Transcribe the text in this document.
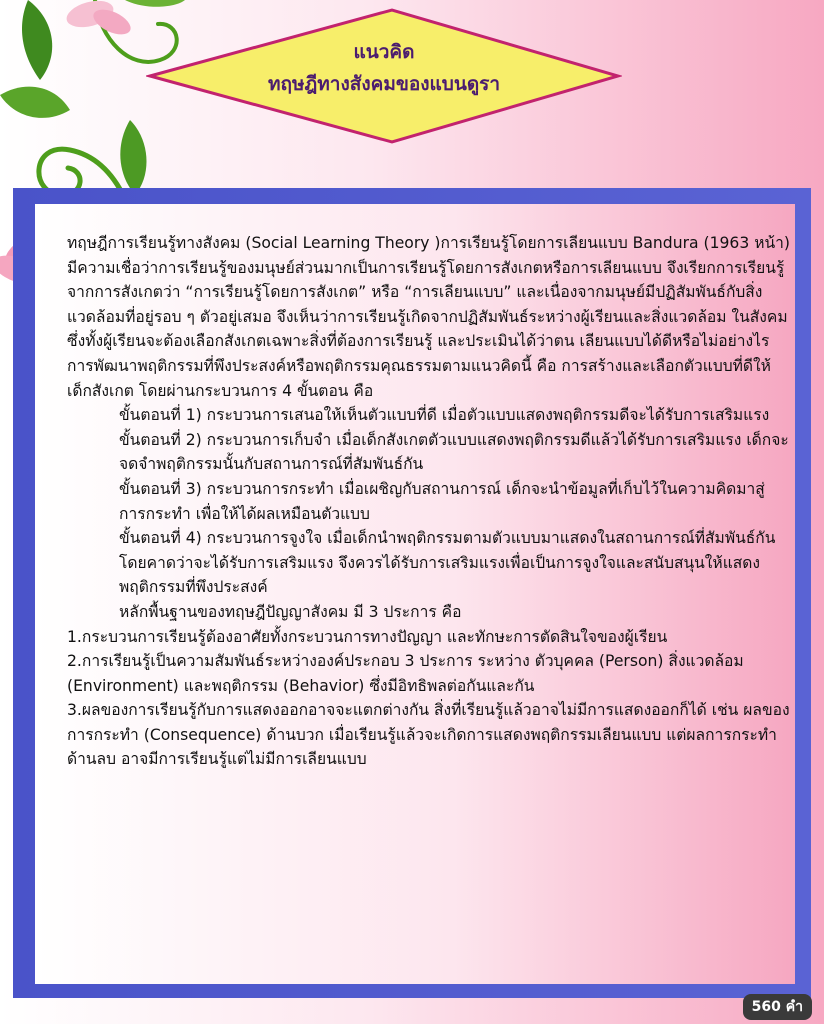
แนวคิด
ทฤษฎีทางสังคมของแบนดูรา

ทฤษฎีการเรียนรู้ทางสังคม (Social Learning Theory )การเรียนรู้โดยการเลียนแบบ Bandura (1963 หน้า) มีความเชื่อว่าการเรียนรู้ของมนุษย์ส่วนมากเป็นการเรียนรู้โดยการสังเกตหรือการเลียนแบบ จึงเรียกการเรียนรู้จากการสังเกตว่า “การเรียนรู้โดยการสังเกต” หรือ “การเลียนแบบ” และเนื่องจากมนุษย์มีปฏิสัมพันธ์กับสิ่งแวดล้อมที่อยู่รอบ ๆ ตัวอยู่เสมอ จึงเห็นว่าการเรียนรู้เกิดจากปฏิสัมพันธ์ระหว่างผู้เรียนและสิ่งแวดล้อม ในสังคม ซึ่งทั้งผู้เรียนจะต้องเลือกสังเกตเฉพาะสิ่งที่ต้องการเรียนรู้ และประเมินได้ว่าตน เลียนแบบได้ดีหรือไม่อย่างไร

การพัฒนาพฤติกรรมที่พึงประสงค์หรือพฤติกรรมคุณธรรมตามแนวคิดนี้ คือ การสร้างและเลือกตัวแบบที่ดีให้เด็กสังเกต โดยผ่านกระบวนการ 4 ขั้นตอน คือ

ขั้นตอนที่ 1) กระบวนการเสนอให้เห็นตัวแบบที่ดี เมื่อตัวแบบแสดงพฤติกรรมดีจะได้รับการเสริมแรง

ขั้นตอนที่ 2) กระบวนการเก็บจำ เมื่อเด็กสังเกตตัวแบบแสดงพฤติกรรมดีแล้วได้รับการเสริมแรง เด็กจะจดจำพฤติกรรมนั้นกับสถานการณ์ที่สัมพันธ์กัน

ขั้นตอนที่ 3) กระบวนการกระทำ เมื่อเผชิญกับสถานการณ์ เด็กจะนำข้อมูลที่เก็บไว้ในความคิดมาสู่การกระทำ เพื่อให้ได้ผลเหมือนตัวแบบ

ขั้นตอนที่ 4) กระบวนการจูงใจ เมื่อเด็กนำพฤติกรรมตามตัวแบบมาแสดงในสถานการณ์ที่สัมพันธ์กัน โดยคาดว่าจะได้รับการเสริมแรง จึงควรได้รับการเสริมแรงเพื่อเป็นการจูงใจและสนับสนุนให้แสดงพฤติกรรมที่พึงประสงค์

หลักพื้นฐานของทฤษฎีปัญญาสังคม มี 3 ประการ คือ

1.กระบวนการเรียนรู้ต้องอาศัยทั้งกระบวนการทางปัญญา และทักษะการตัดสินใจของผู้เรียน

2.การเรียนรู้เป็นความสัมพันธ์ระหว่างองค์ประกอบ 3 ประการ ระหว่าง ตัวบุคคล (Person) สิ่งแวดล้อม (Environment) และพฤติกรรม (Behavior) ซึ่งมีอิทธิพลต่อกันและกัน

3.ผลของการเรียนรู้กับการแสดงออกอาจจะแตกต่างกัน สิ่งที่เรียนรู้แล้วอาจไม่มีการแสดงออกก็ได้ เช่น ผลของการกระทำ (Consequence) ด้านบวก เมื่อเรียนรู้แล้วจะเกิดการแสดงพฤติกรรมเลียนแบบ แต่ผลการกระทำด้านลบ อาจมีการเรียนรู้แต่ไม่มีการเลียนแบบ

560 คำ
